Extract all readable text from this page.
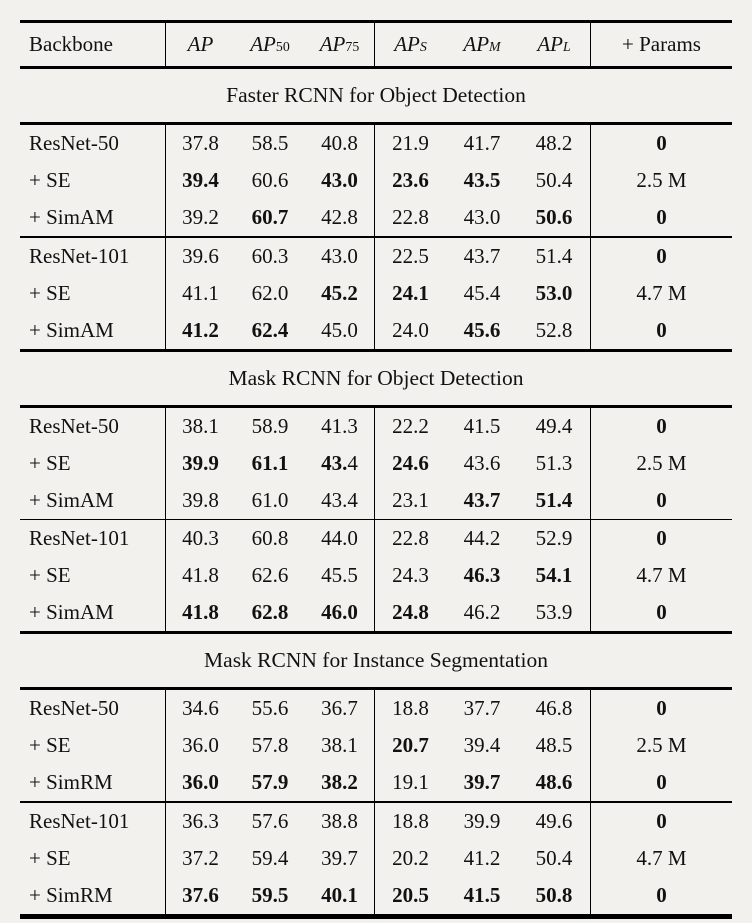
Backbone	AP AP 50 AP 75 AP S AP M AP L + Params
Faster RCNN for Object Detection
ResNet-50	37.8 58.5 40.8 21.9 41.7 48.2	0
+ SE	39.4 60.6 43.0 23.6 43.5 50.4	2.5 M
+ SimAM	39.2 60.7 42.8 22.8 43.0 50.6	0
ResNet-101	39.6 60.3 43.0 22.5 43.7 51.4	0
+ SE	41.1 62.0 45.2 24.1 45.4 53.0	4.7 M
+ SimAM	41.2 62.4 45.0 24.0 45.6 52.8	0
Mask RCNN for Object Detection
ResNet-50	38.1 58.9 41.3 22.2 41.5 49.4	0
+ SE	39.9 61.1 43. 4 24.6 43.6 51.3	2.5 M
+ SimAM	39.8 61.0 43.4 23.1 43.7 51.4	0
ResNet-101	40.3 60.8 44.0 22.8 44.2 52.9	0
+ SE	41.8 62.6 45.5 24.3 46.3 54.1	4.7 M
+ SimAM	41.8 62.8 46.0 24.8 46.2 53.9	0
Mask RCNN for Instance Segmentation
ResNet-50	34.6 55.6 36.7 18.8 37.7 46.8	0
+ SE	36.0 57.8 38.1 20.7 39.4 48.5	2.5 M
+ SimRM	36.0 57.9 38.2 19.1 39.7 48.6	0
ResNet-101	36.3 57.6 38.8 18.8 39.9 49.6	0
+ SE	37.2 59.4 39.7 20.2 41.2 50.4	4.7 M
+ SimRM	37.6 59.5 40.1 20.5 41.5 50.8	0
